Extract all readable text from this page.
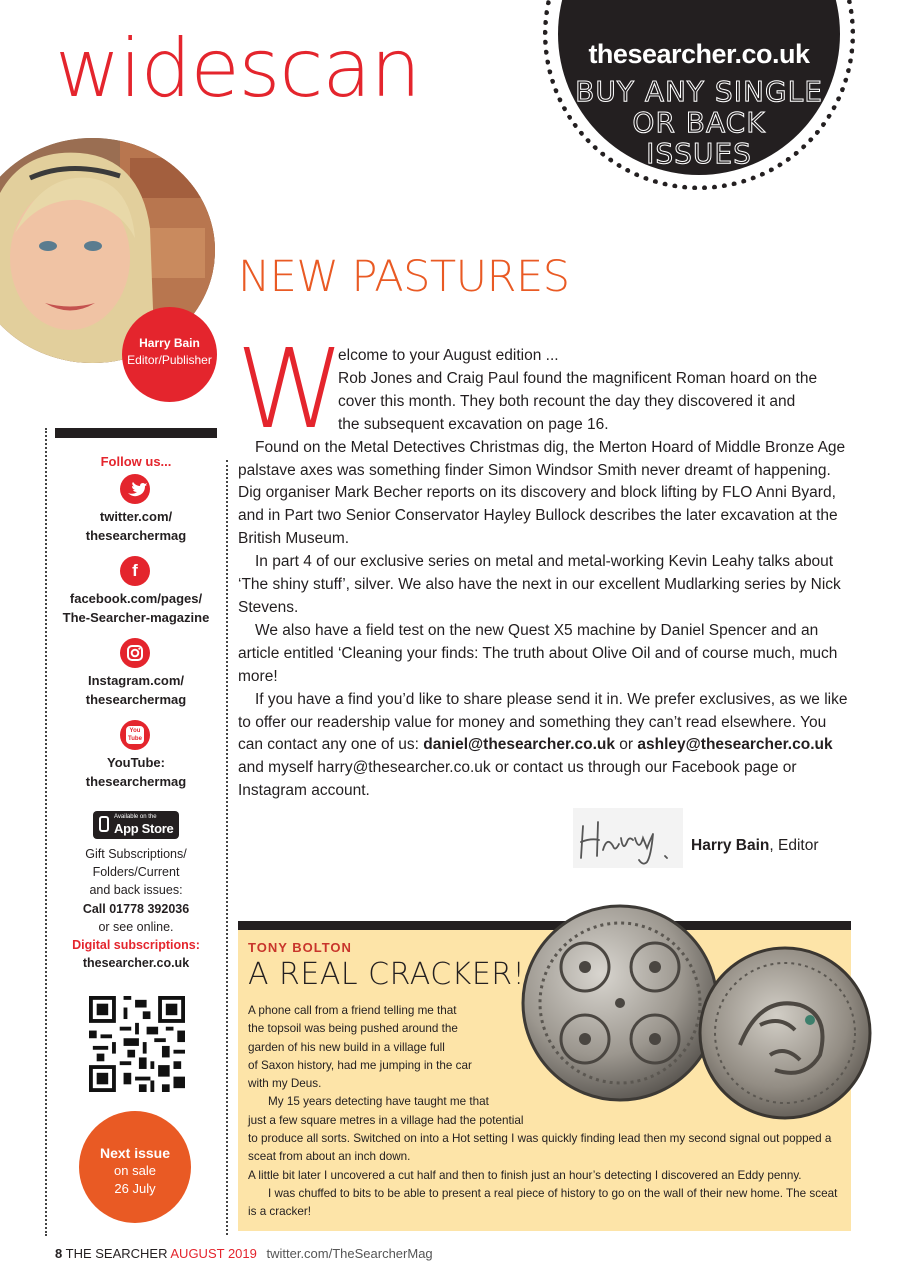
widescan	thesearcher.co.uk
BUY ANY SINGLE
OR BACK
ISSUES
Harry Bain
Editor/Publisher
Follow us...
twitter.com/
thesearchermag
f
facebook.com/pages/
The-Searcher-magazine
Instagram.com/
thesearchermag
You
Tube
YouTube:
thesearchermag
Available on the
App Store
Gift Subscriptions/
Folders/Current
and back issues:
Call 01778 392036
or see online.
Digital subscriptions:
thesearcher.co.uk
Next issue
on sale
26 July
NEW PASTURES
W

elcome to your August edition ...

Rob Jones and Craig Paul found the magnificent Roman hoard on the

cover this month. They both recount the day they discovered it and

the subsequent excavation on page 16.

Found on the Metal Detectives Christmas dig, the Merton Hoard of Middle Bronze Age palstave axes was something finder Simon Windsor Smith never dreamt of happening. Dig organiser Mark Becher reports on its discovery and block lifting by FLO Anni Byard, and in Part two Senior Conservator Hayley Bullock describes the later excavation at the British Museum.

In part 4 of our exclusive series on metal and metal-working Kevin Leahy talks about ‘The shiny stuff’, silver. We also have the next in our excellent Mudlarking series by Nick Stevens.

We also have a field test on the new Quest X5 machine by Daniel Spencer and an article entitled ‘Cleaning your finds: The truth about Olive Oil and of course much, much more!

If you have a find you’d like to share please send it in. We prefer exclusives, as we like to offer our readership value for money and something they can’t read elsewhere. You can contact any one of us: daniel@thesearcher.co.uk or ashley@thesearcher.co.uk and myself harry@thesearcher.co.uk or contact us through our Facebook page or Instagram account.

Harry Bain, Editor
TONY BOLTON
A REAL CRACKER!

A phone call from a friend telling me that

the topsoil was being pushed around the

garden of his new build in a village full

of Saxon history, had me jumping in the car

with my Deus.

My 15 years detecting have taught me that

just a few square metres in a village had the potential

to produce all sorts. Switched on into a Hot setting I was quickly finding lead then my second signal out popped a sceat from about an inch down.

A little bit later I uncovered a cut half and then to finish just an hour’s detecting I discovered an Eddy penny.

I was chuffed to bits to be able to present a real piece of history to go on the wall of their new home. The sceat is a cracker!

8 THE SEARCHER AUGUST 2019 twitter.com/TheSearcherMag
